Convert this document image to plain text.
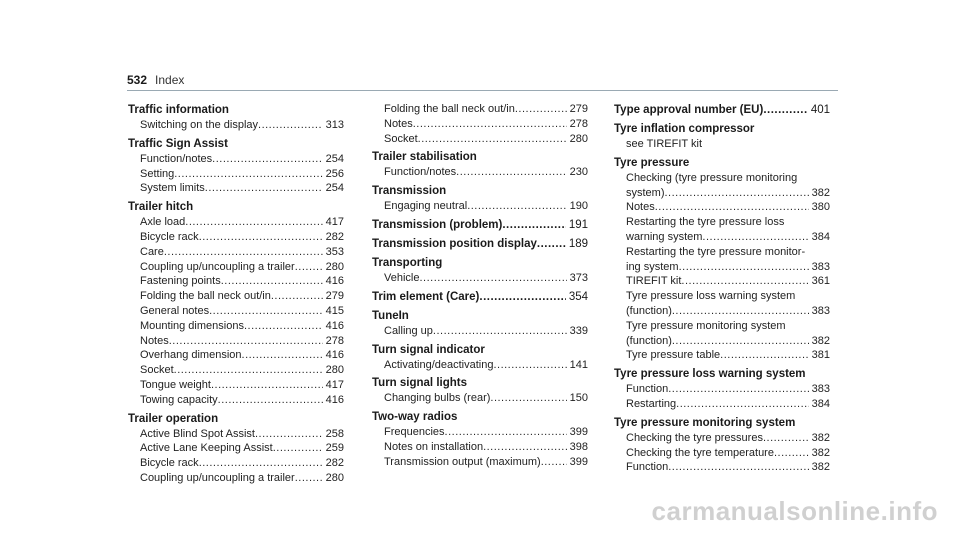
532 Index
Traffic information
Switching on the display .....	313
Traffic Sign Assist
Function/notes .....	254
Setting .....	256
System limits .....	254
Trailer hitch
Axle load .....	417
Bicycle rack .....	282
Care .....	353
Coupling up/uncoupling a trailer .....	280
Fastening points .....	416
Folding the ball neck out/in .....	279
General notes .....	415
Mounting dimensions .....	416
Notes .....	278
Overhang dimension .....	416
Socket .....	280
Tongue weight .....	417
Towing capacity .....	416
Trailer operation
Active Blind Spot Assist .....	258
Active Lane Keeping Assist .....	259
Bicycle rack .....	282
Coupling up/uncoupling a trailer .....	280
Folding the ball neck out/in .....	279
Notes .....	278
Socket .....	280
Trailer stabilisation
Function/notes .....	230
Transmission
Engaging neutral .....	190
Transmission (problem) .....	191
Transmission position display .....	189
Transporting
Vehicle .....	373
Trim element (Care) .....	354
TuneIn
Calling up .....	339
Turn signal indicator
Activating/deactivating .....	141
Turn signal lights
Changing bulbs (rear) .....	150
Two-way radios
Frequencies .....	399
Notes on installation .....	398
Transmission output (maximum) .....	399
Type approval number (EU) .....	401
Tyre inflation compressor
see TIREFIT kit
Tyre pressure
Checking (tyre pressure monitoring
system) .....	382
Notes .....	380
Restarting the tyre pressure loss
warning system .....	384
Restarting the tyre pressure monitor-
ing system .....	383
TIREFIT kit .....	361
Tyre pressure loss warning system
(function) .....	383
Tyre pressure monitoring system
(function) .....	382
Tyre pressure table .....	381
Tyre pressure loss warning system
Function .....	383
Restarting .....	384
Tyre pressure monitoring system
Checking the tyre pressures .....	382
Checking the tyre temperature .....	382
Function .....	382
carmanualsonline.info
